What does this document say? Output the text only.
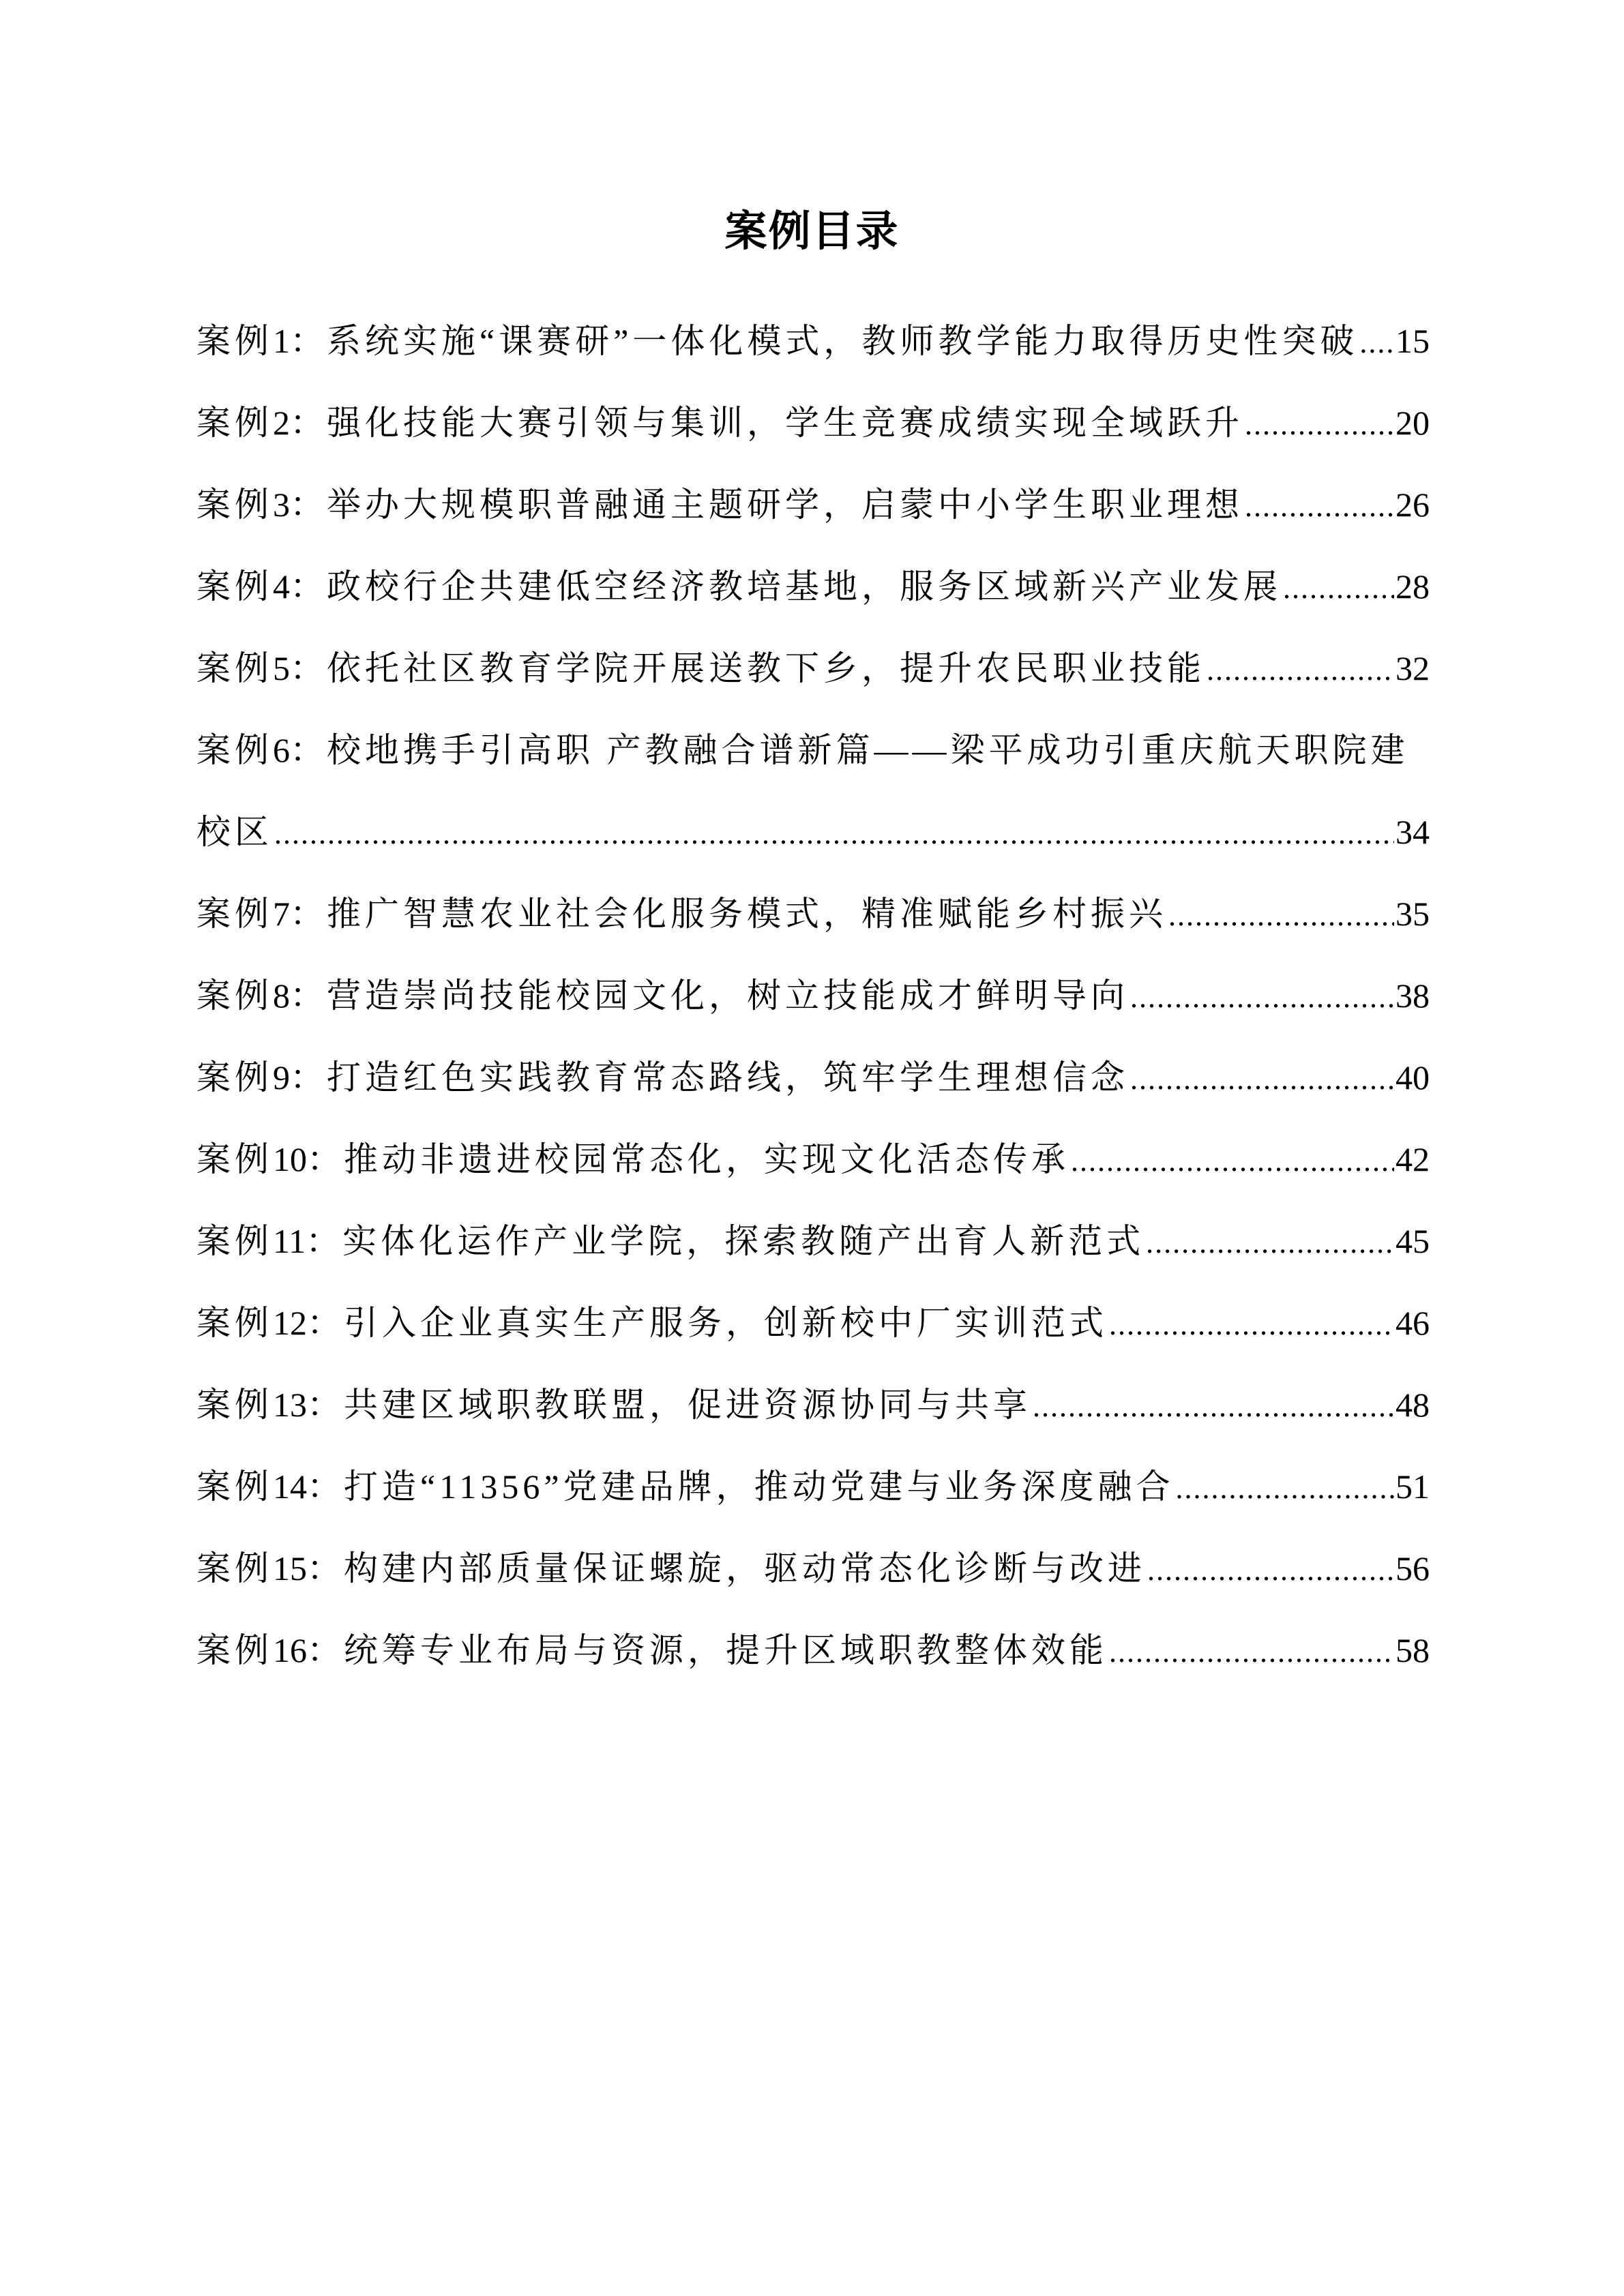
案例目录
案例 1： 系统实施“课赛研”一体化模式，教师教学能力取得历史性突破 ..... 15
案例 2： 强化技能大赛引领与集训，学生竞赛成绩实现全域跃升 .....	20
案例 3： 举办大规模职普融通主题研学，启蒙中小学生职业理想 .....	26
案例 4： 政校行企共建低空经济教培基地，服务区域新兴产业发展 .....	28
案例 5： 依托社区教育学院开展送教下乡，提升农民职业技能 .....	32
案例 6： 校地携手引高职 产教融合谱新篇——梁平成功引重庆航天职院建
校区 .....	34
案例 7： 推广智慧农业社会化服务模式，精准赋能乡村振兴 .....	35
案例 8： 营造崇尚技能校园文化，树立技能成才鲜明导向 .....	38
案例 9： 打造红色实践教育常态路线，筑牢学生理想信念 .....	40
案例 10： 推动非遗进校园常态化，实现文化活态传承 .....	42
案例 11： 实体化运作产业学院，探索教随产出育人新范式 .....	45
案例 12： 引入企业真实生产服务，创新校中厂实训范式 .....	46
案例 13： 共建区域职教联盟，促进资源协同与共享 .....	48
案例 14： 打造“11356”党建品牌，推动党建与业务深度融合 .....	51
案例 15： 构建内部质量保证螺旋，驱动常态化诊断与改进 .....	56
案例 16： 统筹专业布局与资源，提升区域职教整体效能 .....	58
